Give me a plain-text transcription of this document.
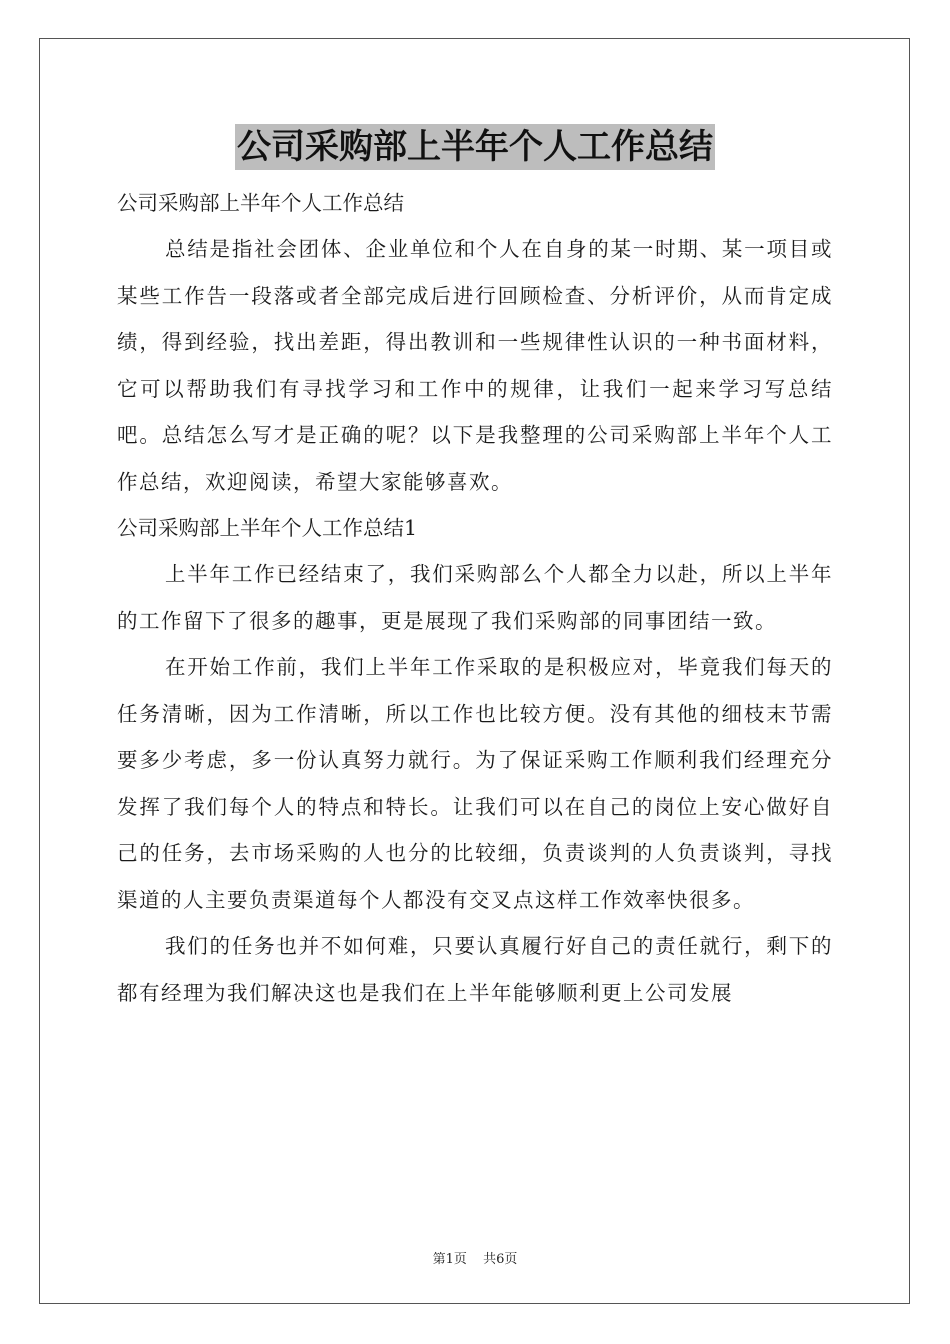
公司采购部上半年个人工作总结

公司采购部上半年个人工作总结

总结是指社会团体、企业单位和个人在自身的某一时期、某一项目或某些工作告一段落或者全部完成后进行回顾检查、分析评价，从而肯定成绩，得到经验，找出差距，得出教训和一些规律性认识的一种书面材料，它可以帮助我们有寻找学习和工作中的规律，让我们一起来学习写总结吧。总结怎么写才是正确的呢？以下是我整理的公司采购部上半年个人工作总结，欢迎阅读，希望大家能够喜欢。

公司采购部上半年个人工作总结1

上半年工作已经结束了，我们采购部么个人都全力以赴，所以上半年的工作留下了很多的趣事，更是展现了我们采购部的同事团结一致。

在开始工作前，我们上半年工作采取的是积极应对，毕竟我们每天的任务清晰，因为工作清晰，所以工作也比较方便。没有其他的细枝末节需要多少考虑，多一份认真努力就行。为了保证采购工作顺利我们经理充分发挥了我们每个人的特点和特长。让我们可以在自己的岗位上安心做好自己的任务，去市场采购的人也分的比较细，负责谈判的人负责谈判，寻找渠道的人主要负责渠道每个人都没有交叉点这样工作效率快很多。

我们的任务也并不如何难，只要认真履行好自己的责任就行，剩下的都有经理为我们解决这也是我们在上半年能够顺利更上公司发展

第1页 共6页
